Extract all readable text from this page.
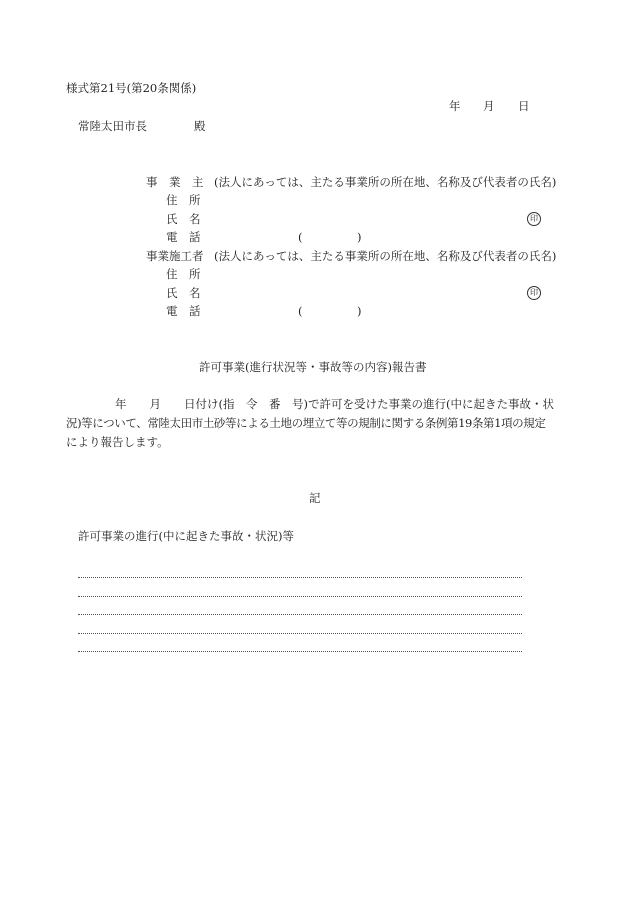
様式第21号(第20条関係)
年 月 日
常陸太田市長	殿
事　業　主 (法人にあっては、主たる事業所の所在地、名称及び代表者の氏名)
住　所
氏　名	印
電　話	(	)
事業施工者 (法人にあっては、主たる事業所の所在地、名称及び代表者の氏名)
住　所
氏　名	印
電　話	(	)
許可事業(進行状況等・事故等の内容)報告書
年　　月　　日付け(指　令　番　号)で許可を受けた事業の進行(中に起きた事故・状
況)等について、常陸太田市土砂等による土地の埋立て等の規制に関する条例第19条第1項の規定
により報告します。
記
許可事業の進行(中に起きた事故・状況)等
